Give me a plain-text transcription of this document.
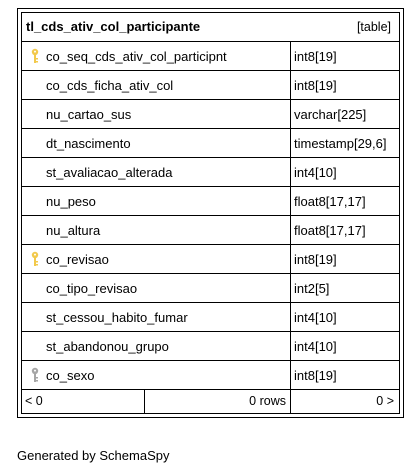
tl_cds_ativ_col_participante	[table]
co_seq_cds_ativ_col_participnt	int8[19]
co_cds_ficha_ativ_col	int8[19]
nu_cartao_sus	varchar[225]
dt_nascimento	timestamp[29,6]
st_avaliacao_alterada	int4[10]
nu_peso	float8[17,17]
nu_altura	float8[17,17]
co_revisao	int8[19]
co_tipo_revisao	int2[5]
st_cessou_habito_fumar	int4[10]
st_abandonou_grupo	int4[10]
co_sexo	int8[19]
< 0	0 rows	0 >
Generated by SchemaSpy
